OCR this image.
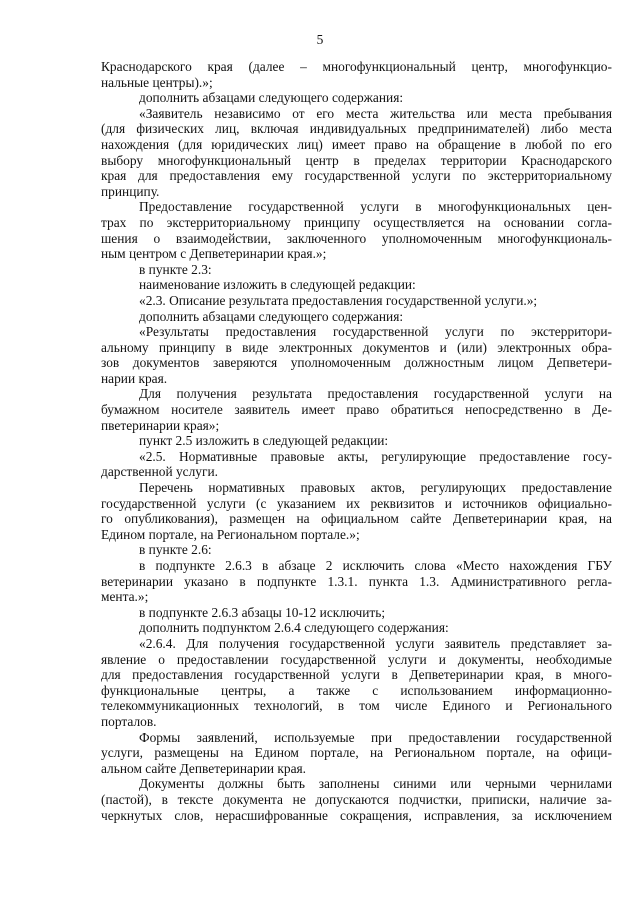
5
Краснодарского края (далее – многофункциональный центр, многофункцио-
нальные центры).»;
дополнить абзацами следующего содержания:
«Заявитель независимо от его места жительства или места пребывания
(для физических лиц, включая индивидуальных предпринимателей) либо места
нахождения (для юридических лиц) имеет право на обращение в любой по его
выбору многофункциональный центр в пределах территории Краснодарского
края для предоставления ему государственной услуги по экстерриториальному
принципу.
Предоставление государственной услуги в многофункциональных цен-
трах по экстерриториальному принципу осуществляется на основании согла-
шения о взаимодействии, заключенного уполномоченным многофункциональ-
ным центром с Депветеринарии края.»;
в пункте 2.3:
наименование изложить в следующей редакции:
«2.3. Описание результата предоставления государственной услуги.»;
дополнить абзацами следующего содержания:
«Результаты предоставления государственной услуги по экстерритори-
альному принципу в виде электронных документов и (или) электронных обра-
зов документов заверяются уполномоченным должностным лицом Депветери-
нарии края.
Для получения результата предоставления государственной услуги на
бумажном носителе заявитель имеет право обратиться непосредственно в Де-
пветеринарии края»;
пункт 2.5 изложить в следующей редакции:
«2.5. Нормативные правовые акты, регулирующие предоставление госу-
дарственной услуги.
Перечень нормативных правовых актов, регулирующих предоставление
государственной услуги (с указанием их реквизитов и источников официально-
го опубликования), размещен на официальном сайте Депветеринарии края, на
Едином портале, на Региональном портале.»;
в пункте 2.6:
в подпункте 2.6.3 в абзаце 2 исключить слова «Место нахождения ГБУ
ветеринарии указано в подпункте 1.3.1. пункта 1.3. Административного регла-
мента.»;
в подпункте 2.6.3 абзацы 10-12 исключить;
дополнить подпунктом 2.6.4 следующего содержания:
«2.6.4. Для получения государственной услуги заявитель представляет за-
явление о предоставлении государственной услуги и документы, необходимые
для предоставления государственной услуги в Депветеринарии края, в много-
функциональные центры, а также с использованием информационно-
телекоммуникационных технологий, в том числе Единого и Регионального
порталов.
Формы заявлений, используемые при предоставлении государственной
услуги, размещены на Едином портале, на Региональном портале, на офици-
альном сайте Депветеринарии края.
Документы должны быть заполнены синими или черными чернилами
(пастой), в тексте документа не допускаются подчистки, приписки, наличие за-
черкнутых слов, нерасшифрованные сокращения, исправления, за исключением
